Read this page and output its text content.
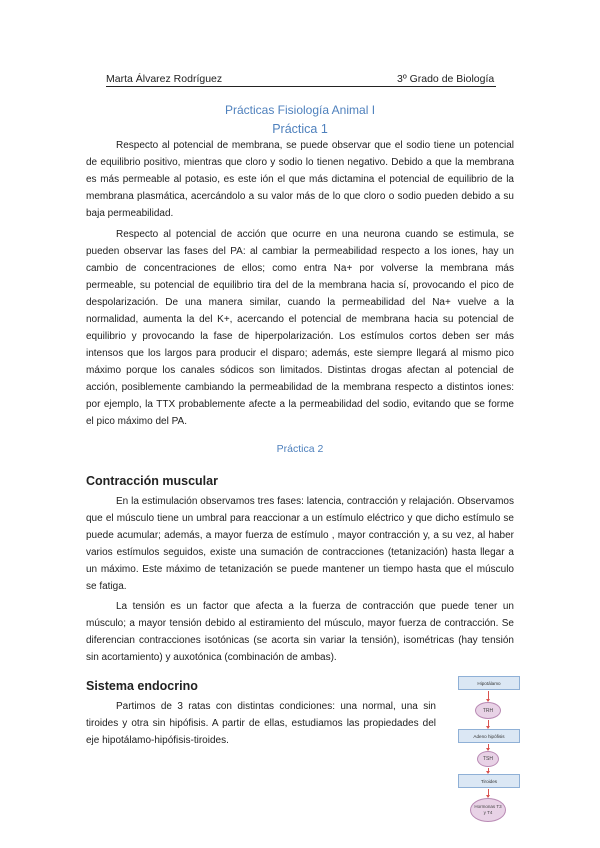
Marta Álvarez Rodríguez	3º Grado de Biología
Prácticas Fisiología Animal I
Práctica 1
Respecto al potencial de membrana, se puede observar que el sodio tiene un potencial de equilibrio positivo, mientras que cloro y sodio lo tienen negativo. Debido a que la membrana es más permeable al potasio, es este ión el que más dictamina el potencial de equilibrio de la membrana plasmática, acercándolo a su valor más de lo que cloro o sodio pueden debido a su baja permeabilidad.
Respecto al potencial de acción que ocurre en una neurona cuando se estimula, se pueden observar las fases del PA: al cambiar la permeabilidad respecto a los iones, hay un cambio de concentraciones de ellos; como entra Na+ por volverse la membrana más permeable, su potencial de equilibrio tira del de la membrana hacia sí, provocando el pico de despolarización. De una manera similar, cuando la permeabilidad del Na+ vuelve a la normalidad, aumenta la del K+, acercando el potencial de membrana hacia su potencial de equilibrio y provocando la fase de hiperpolarización. Los estímulos cortos deben ser más intensos que los largos para producir el disparo; además, este siempre llegará al mismo pico máximo porque los canales sódicos son limitados. Distintas drogas afectan al potencial de acción, posiblemente cambiando la permeabilidad de la membrana respecto a distintos iones: por ejemplo, la TTX probablemente afecte a la permeabilidad del sodio, evitando que se forme el pico máximo del PA.
Práctica 2
Contracción muscular
En la estimulación observamos tres fases: latencia, contracción y relajación. Observamos que el músculo tiene un umbral para reaccionar a un estímulo eléctrico y que dicho estímulo se puede acumular; además, a mayor fuerza de estímulo , mayor contracción y, a su vez, al haber varios estímulos seguidos, existe una sumación de contracciones (tetanización) hasta llegar a un máximo. Este máximo de tetanización se puede mantener un tiempo hasta que el músculo se fatiga.
La tensión es un factor que afecta a la fuerza de contracción que puede tener un músculo; a mayor tensión debido al estiramiento del músculo, mayor fuerza de contracción. Se diferencian contracciones isotónicas (se acorta sin variar la tensión), isométricas (hay tensión sin acortamiento) y auxotónica (combinación de ambas).
Sistema endocrino
Partimos de 3 ratas con distintas condiciones: una normal, una sin tiroides y otra sin hipófisis. A partir de ellas, estudiamos las propiedades del eje hipotálamo-hipófisis-tiroides.
Hipotálamo
TRH
Adeno hipófisis
TSH
Tiroides
Hormonas T3 y T4
